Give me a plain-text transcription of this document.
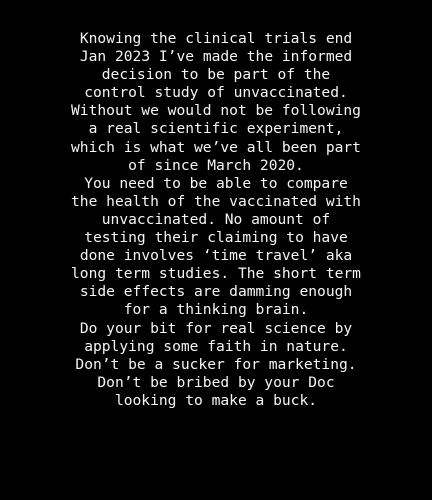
Knowing the clinical trials end
Jan 2023 I’ve made the informed
decision to be part of the
control study of unvaccinated.
Without we would not be following
a real scientific experiment,
which is what we’ve all been part
of since March 2020.
You need to be able to compare
the health of the vaccinated with
unvaccinated. No amount of
testing their claiming to have
done involves ‘time travel’ aka
long term studies. The short term
side effects are damming enough
for a thinking brain.
Do your bit for real science by
applying some faith in nature.
Don’t be a sucker for marketing.
Don’t be bribed by your Doc
looking to make a buck.
